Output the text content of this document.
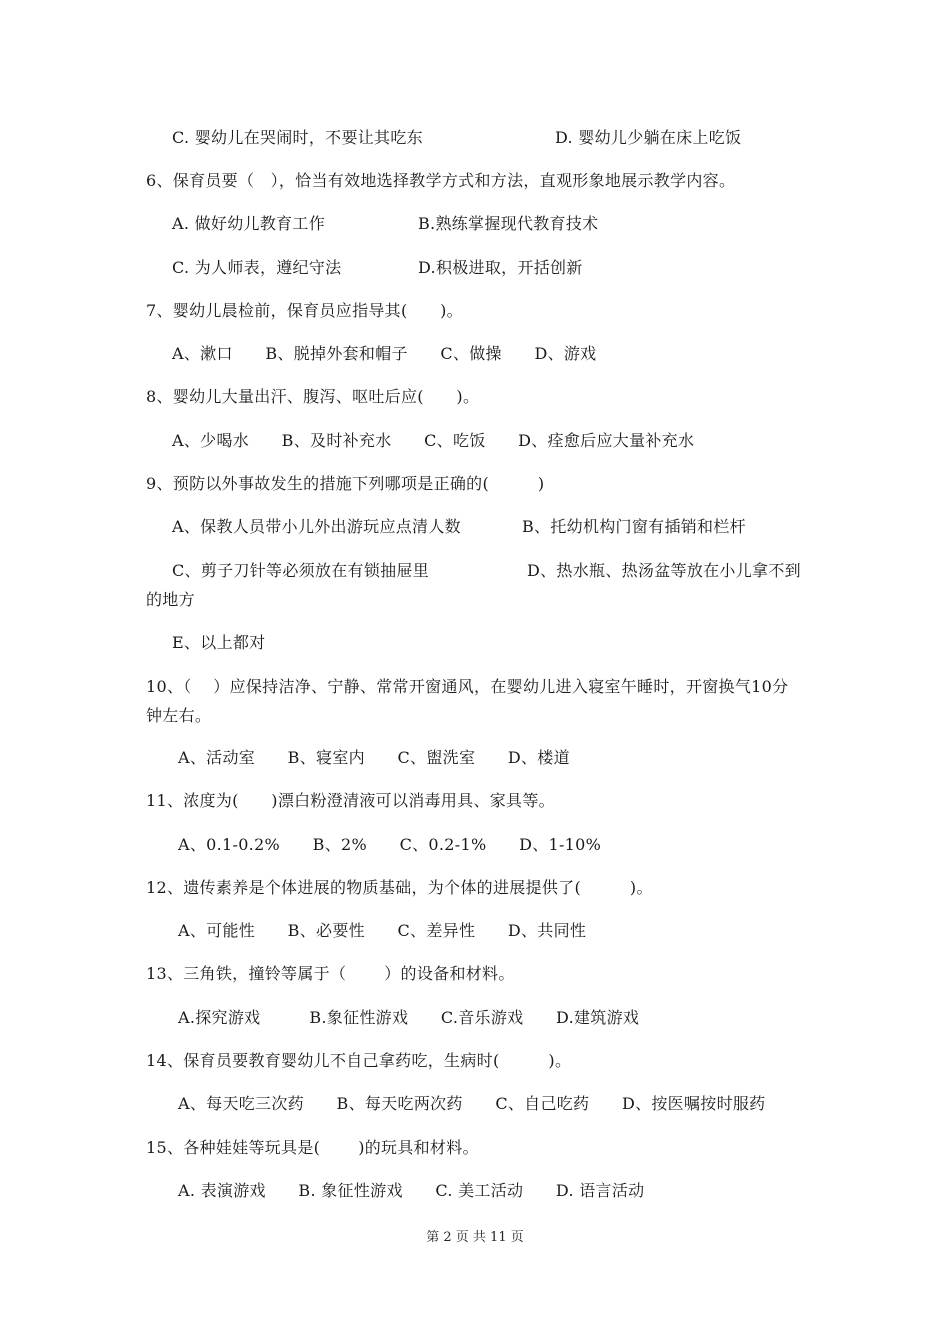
C. 婴幼儿在哭闹时，不要让其吃东	D. 婴幼儿少躺在床上吃饭
6、保育员要（　），恰当有效地选择教学方式和方法，直观形象地展示教学内容。
A. 做好幼儿教育工作	B.熟练掌握现代教育技术
C. 为人师表，遵纪守法	D.积极进取，开括创新
7、婴幼儿晨检前，保育员应指导其(　　)。
A、漱口　　B、脱掉外套和帽子　　C、做操　　D、游戏
8、婴幼儿大量出汗、腹泻、呕吐后应(　　)。
A、少喝水　　B、及时补充水　　C、吃饭　　D、痊愈后应大量补充水
9、预防以外事故发生的措施下列哪项是正确的(　　　)
A、保教人员带小儿外出游玩应点清人数	B、托幼机构门窗有插销和栏杆
C、剪子刀针等必须放在有锁抽屉里	D、热水瓶、热汤盆等放在小儿拿不到
的地方
E、以上都对
10、（　 ）应保持洁净、宁静、常常开窗通风，在婴幼儿进入寝室午睡时，开窗换气10分
钟左右。
A、活动室　　B、寝室内　　C、盥洗室　　D、楼道
11、浓度为(　　)漂白粉澄清液可以消毒用具、家具等。
A、0.1-0.2%　　B、2%　　C、0.2-1%　　D、1-10%
12、遗传素养是个体进展的物质基础，为个体的进展提供了(　　　)。
A、可能性　　B、必要性　　C、差异性　　D、共同性
13、三角铁，撞铃等属于（　　 ）的设备和材料。
A.探究游戏　　　B.象征性游戏　　C.音乐游戏　　D.建筑游戏
14、保育员要教育婴幼儿不自己拿药吃，生病时(　　　)。
A、每天吃三次药　　B、每天吃两次药　　C、自己吃药　　D、按医嘱按时服药
15、各种娃娃等玩具是(　　 )的玩具和材料。
A. 表演游戏　　B. 象征性游戏　　C. 美工活动　　D. 语言活动
第 2 页 共 11 页
